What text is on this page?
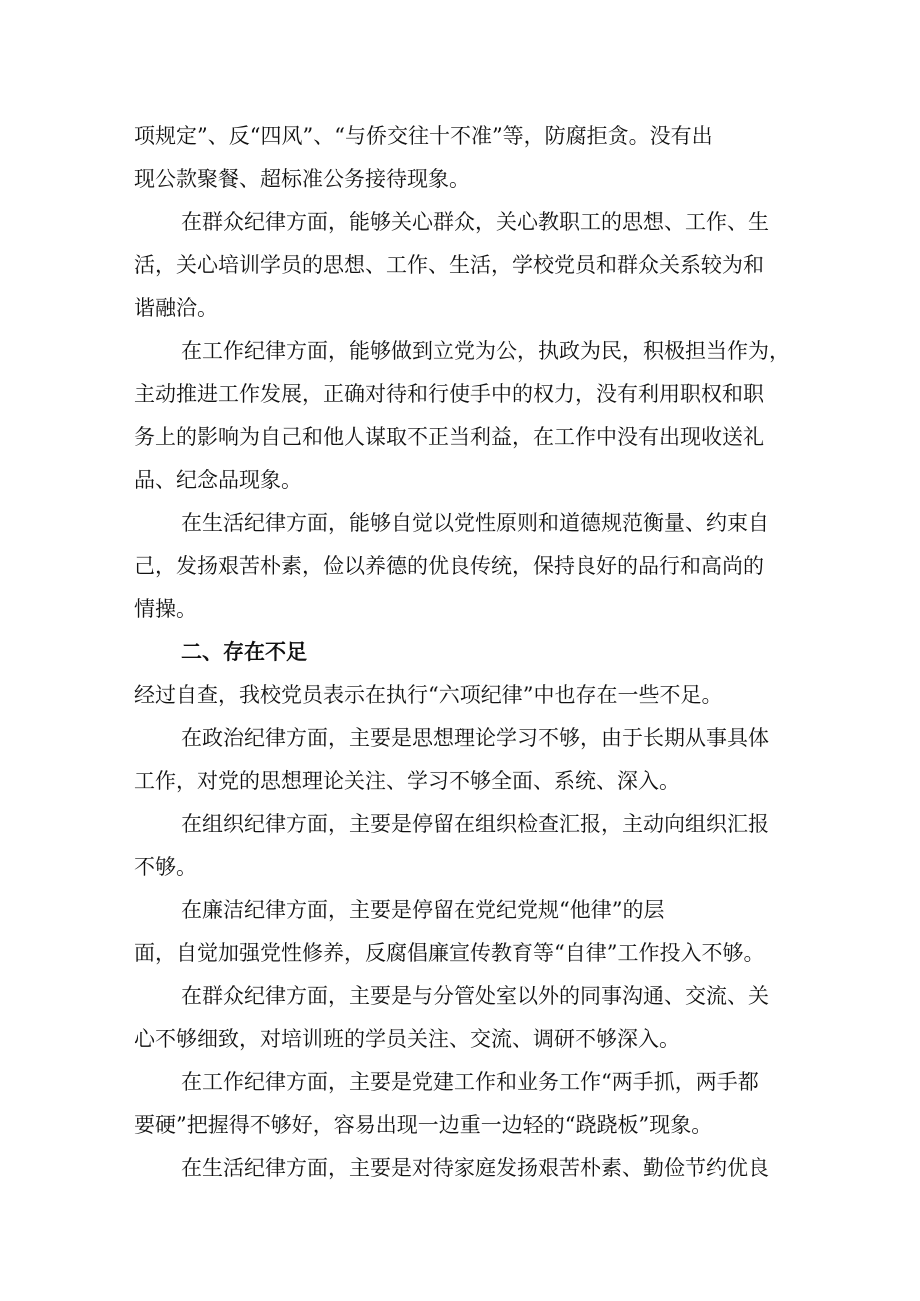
项规定”、反“四风”、“与侨交往十不准”等，防腐拒贪。没有出
现公款聚餐、超标准公务接待现象。
在群众纪律方面，能够关心群众，关心教职工的思想、工作、生
活，关心培训学员的思想、工作、生活，学校党员和群众关系较为和
谐融洽。
在工作纪律方面，能够做到立党为公，执政为民，积极担当作为，
主动推进工作发展，正确对待和行使手中的权力，没有利用职权和职
务上的影响为自己和他人谋取不正当利益，在工作中没有出现收送礼
品、纪念品现象。
在生活纪律方面，能够自觉以党性原则和道德规范衡量、约束自
己，发扬艰苦朴素，俭以养德的优良传统，保持良好的品行和高尚的
情操。
二、存在不足
经过自查，我校党员表示在执行“六项纪律”中也存在一些不足。
在政治纪律方面，主要是思想理论学习不够，由于长期从事具体
工作，对党的思想理论关注、学习不够全面、系统、深入。
在组织纪律方面，主要是停留在组织检查汇报，主动向组织汇报
不够。
在廉洁纪律方面，主要是停留在党纪党规“他律”的层
面，自觉加强党性修养，反腐倡廉宣传教育等“自律”工作投入不够。
在群众纪律方面，主要是与分管处室以外的同事沟通、交流、关
心不够细致，对培训班的学员关注、交流、调研不够深入。
在工作纪律方面，主要是党建工作和业务工作“两手抓，两手都
要硬”把握得不够好，容易出现一边重一边轻的“跷跷板”现象。
在生活纪律方面，主要是对待家庭发扬艰苦朴素、勤俭节约优良
